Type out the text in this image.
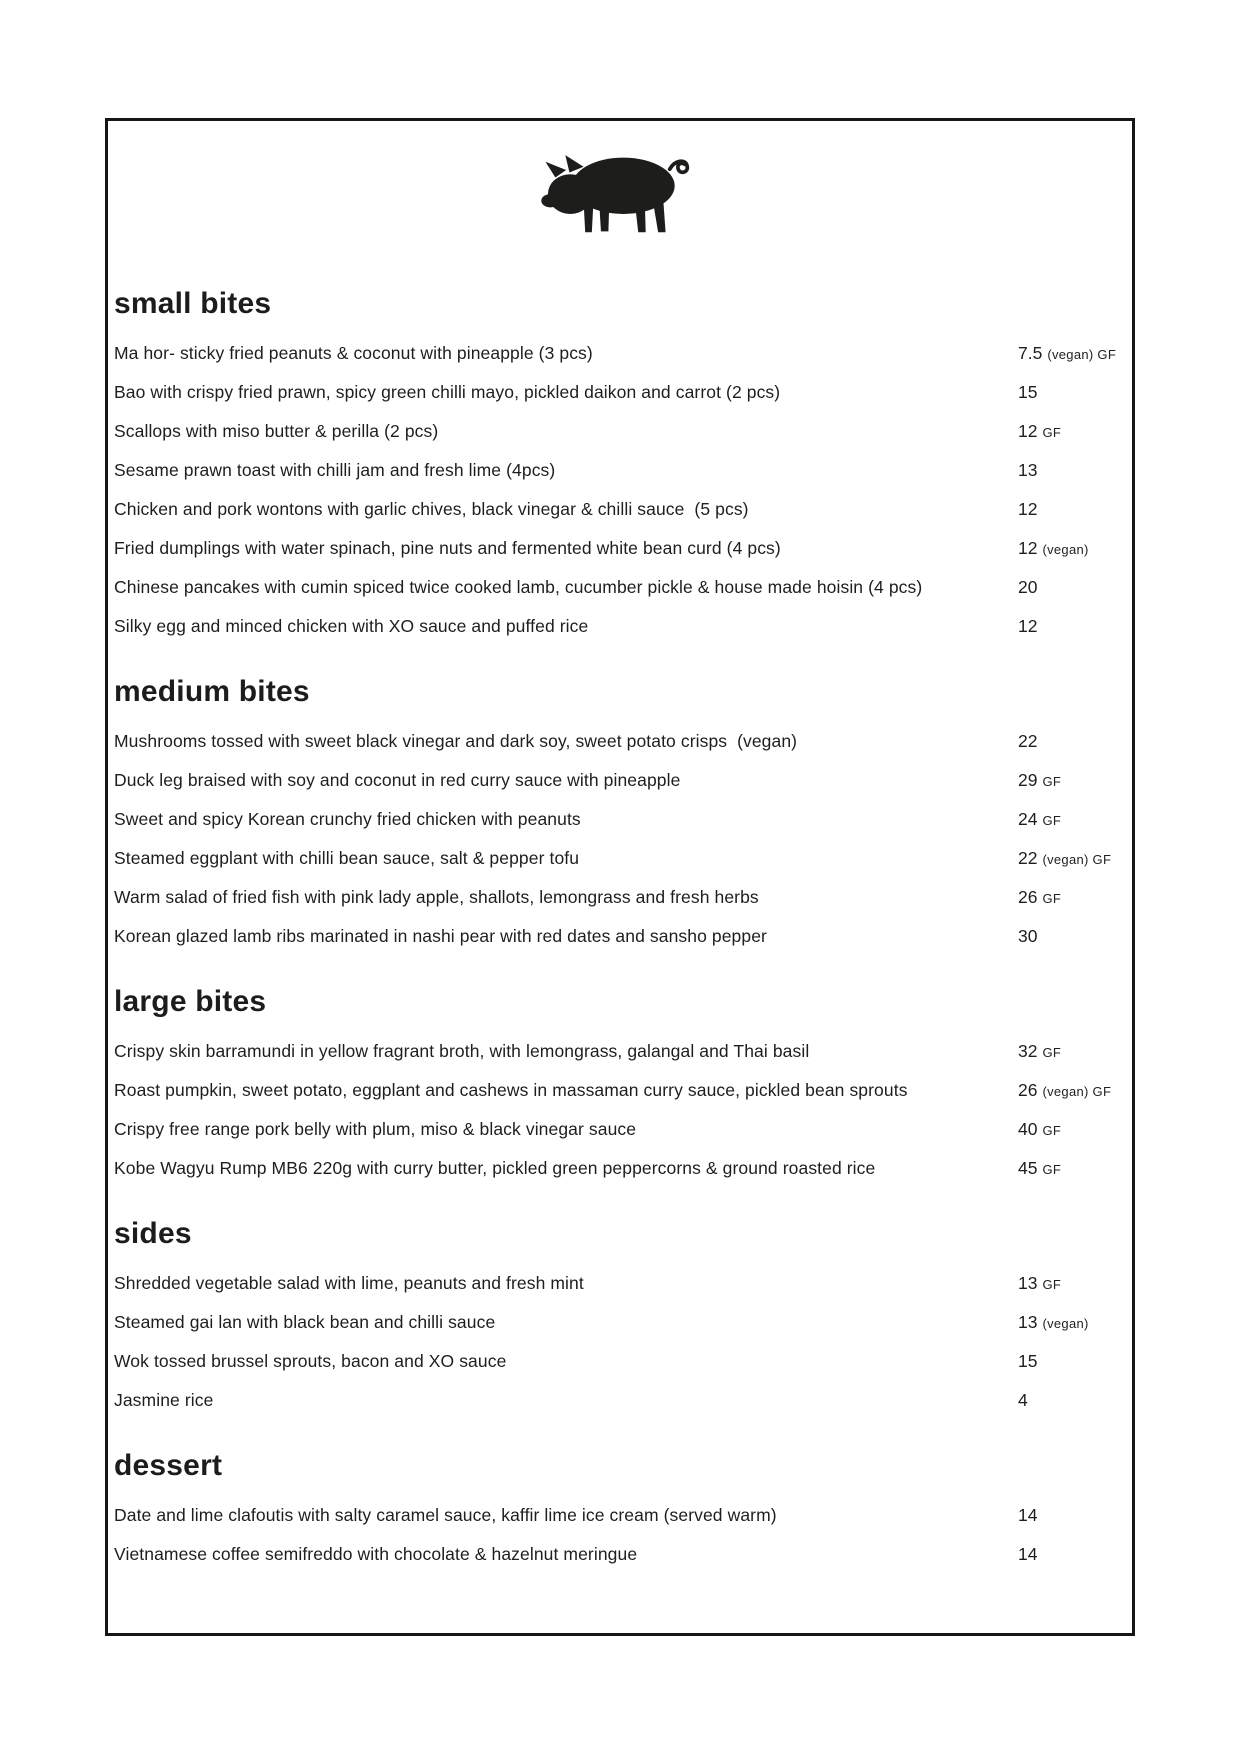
small bites
Ma hor- sticky fried peanuts & coconut with pineapple (3 pcs)	7.5 (vegan) GF
Bao with crispy fried prawn, spicy green chilli mayo, pickled daikon and carrot (2 pcs)	15
Scallops with miso butter & perilla (2 pcs)	12 GF
Sesame prawn toast with chilli jam and fresh lime (4pcs)	13
Chicken and pork wontons with garlic chives, black vinegar & chilli sauce  (5 pcs)	12
Fried dumplings with water spinach, pine nuts and fermented white bean curd (4 pcs)	12 (vegan)
Chinese pancakes with cumin spiced twice cooked lamb, cucumber pickle & house made hoisin (4 pcs)	20
Silky egg and minced chicken with XO sauce and puffed rice	12
medium bites
Mushrooms tossed with sweet black vinegar and dark soy, sweet potato crisps  (vegan)	22
Duck leg braised with soy and coconut in red curry sauce with pineapple	29 GF
Sweet and spicy Korean crunchy fried chicken with peanuts	24 GF
Steamed eggplant with chilli bean sauce, salt & pepper tofu	22 (vegan) GF
Warm salad of fried fish with pink lady apple, shallots, lemongrass and fresh herbs	26 GF
Korean glazed lamb ribs marinated in nashi pear with red dates and sansho pepper	30
large bites
Crispy skin barramundi in yellow fragrant broth, with lemongrass, galangal and Thai basil	32 GF
Roast pumpkin, sweet potato, eggplant and cashews in massaman curry sauce, pickled bean sprouts	26 (vegan) GF
Crispy free range pork belly with plum, miso & black vinegar sauce	40 GF
Kobe Wagyu Rump MB6 220g with curry butter, pickled green peppercorns & ground roasted rice	45 GF
sides
Shredded vegetable salad with lime, peanuts and fresh mint	13 GF
Steamed gai lan with black bean and chilli sauce	13 (vegan)
Wok tossed brussel sprouts, bacon and XO sauce	15
Jasmine rice	4
dessert
Date and lime clafoutis with salty caramel sauce, kaffir lime ice cream (served warm)	14
Vietnamese coffee semifreddo with chocolate & hazelnut meringue	14
